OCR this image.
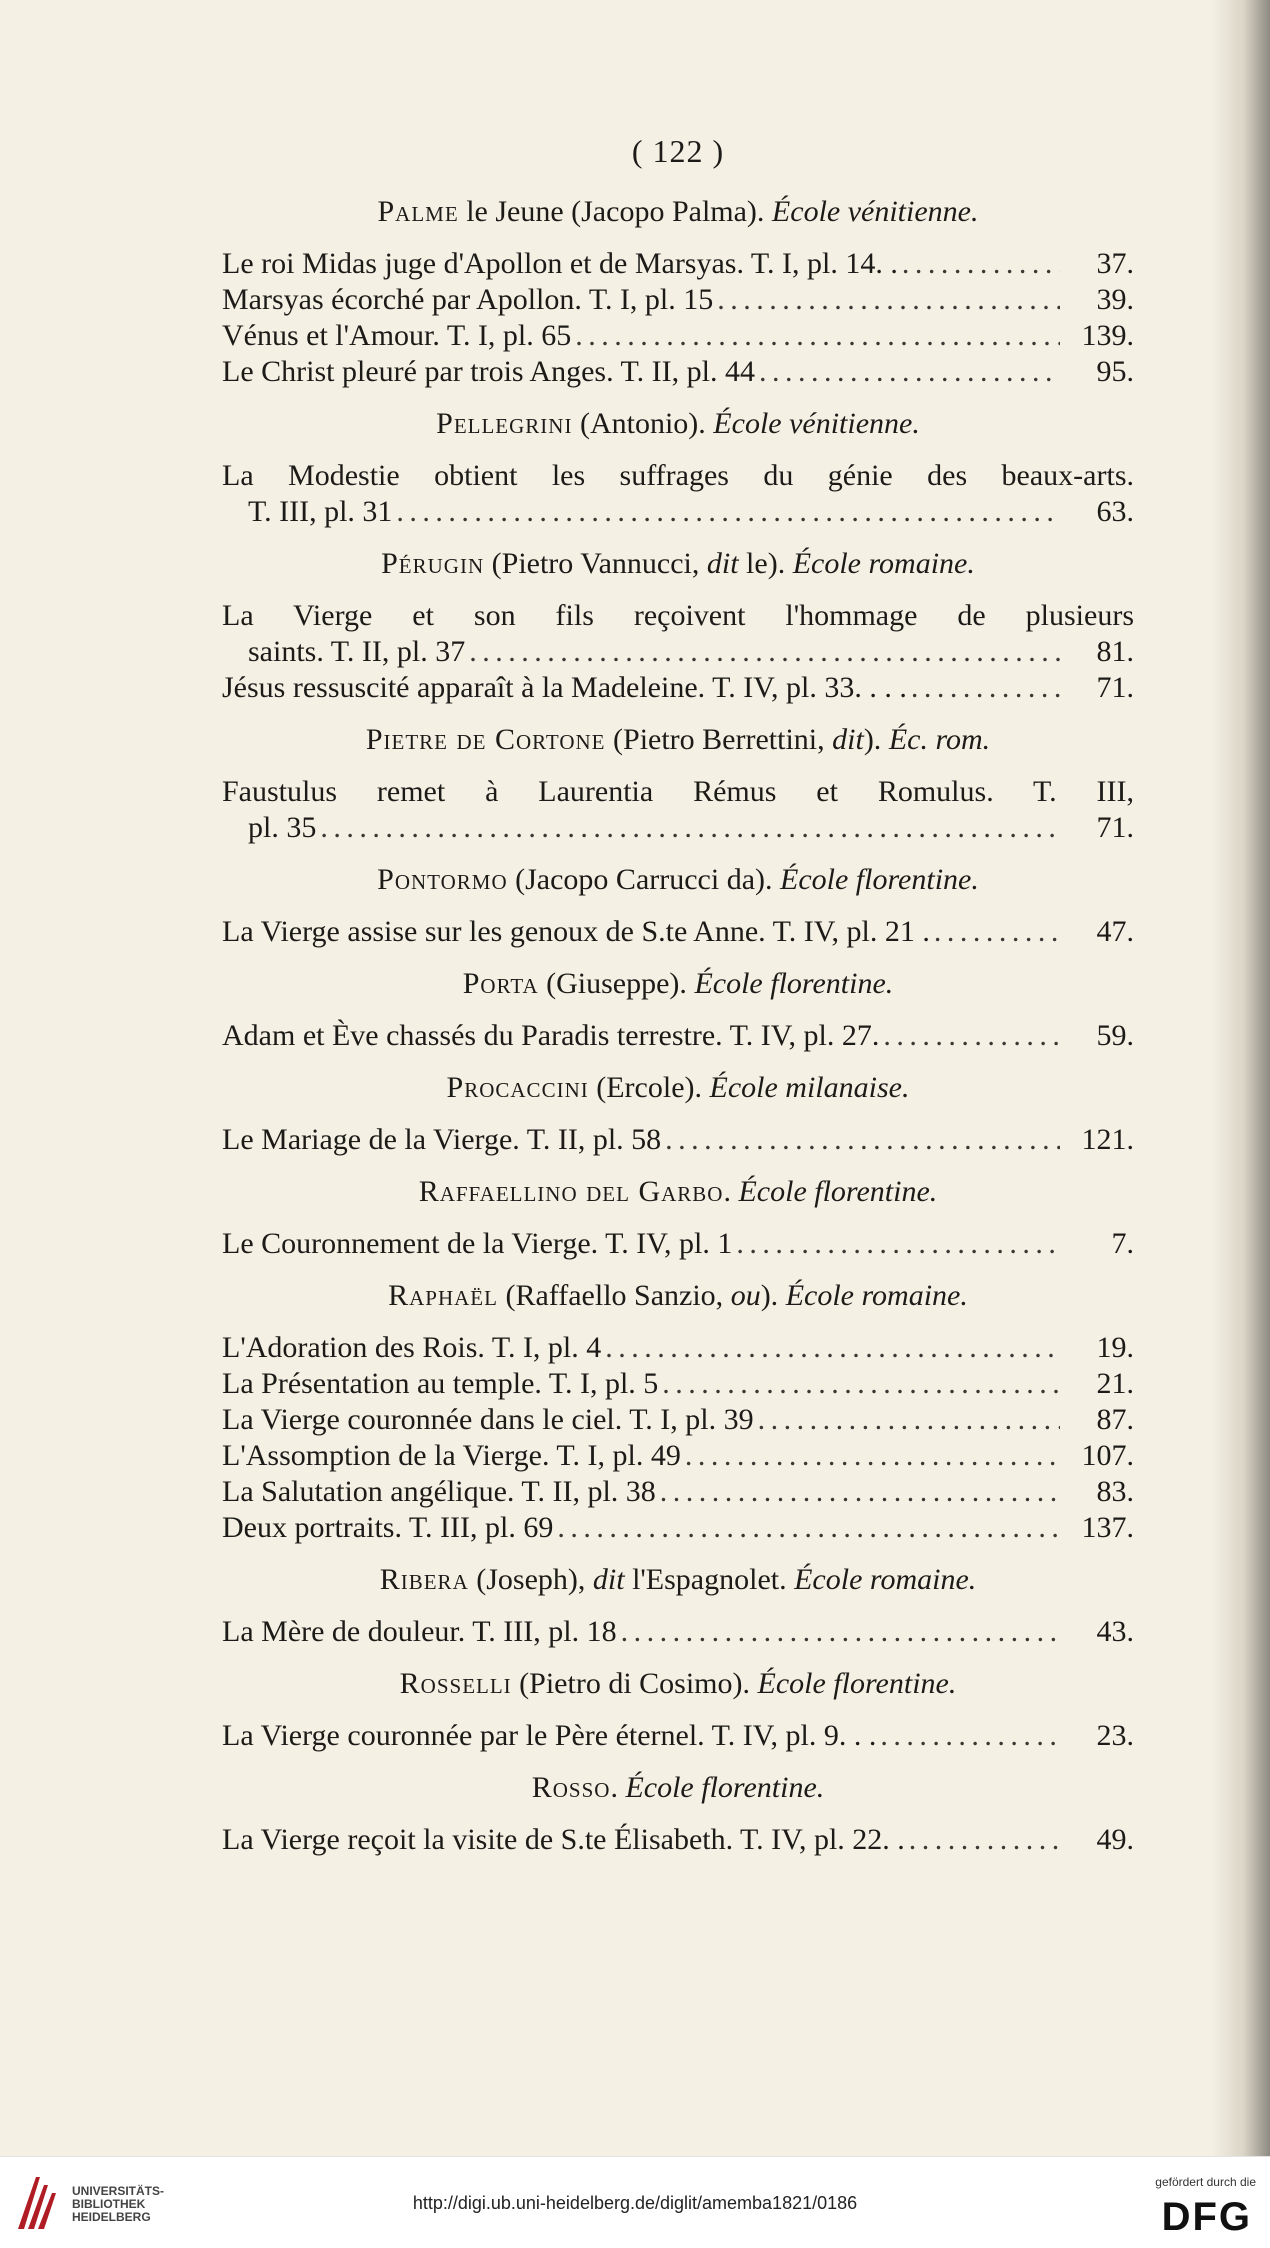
( 122 )
Palme le Jeune (Jacopo Palma). École vénitienne.
Le roi Midas juge d'Apollon et de Marsyas. T. I, pl. 14. . . . .	37.
Marsyas écorché par Apollon. T. I, pl. 15 . . .	39.
Vénus et l'Amour. T. I, pl. 65 . . .	139.
Le Christ pleuré par trois Anges. T. II, pl. 44 . . .	95.
Pellegrini (Antonio). École vénitienne.
La Modestie obtient les suffrages du génie des beaux-arts.
T. III, pl. 31 . . .	63.
Pérugin (Pietro Vannucci, dit le). École romaine.
La Vierge et son fils reçoivent l'hommage de plusieurs
saints. T. II, pl. 37 . . .	81.
Jésus ressuscité apparaît à la Madeleine. T. IV, pl. 33. . . . . . .	71.
Pietre de Cortone (Pietro Berrettini, dit). Éc. rom.
Faustulus remet à Laurentia Rémus et Romulus. T. III,
pl. 35 . . .	71.
Pontormo (Jacopo Carrucci da). École florentine.
La Vierge assise sur les genoux de S.te Anne. T. IV, pl. 21 . . . .	47.
Porta (Giuseppe). École florentine.
Adam et Ève chassés du Paradis terrestre. T. IV, pl. 27. . . .	59.
Procaccini (Ercole). École milanaise.
Le Mariage de la Vierge. T. II, pl. 58 . . .	121.
Raffaellino del Garbo. École florentine.
Le Couronnement de la Vierge. T. IV, pl. 1 . . .	7.
Raphaël (Raffaello Sanzio, ou). École romaine.
L'Adoration des Rois. T. I, pl. 4 . . .	19.
La Présentation au temple. T. I, pl. 5 . . .	21.
La Vierge couronnée dans le ciel. T. I, pl. 39 . . .	87.
L'Assomption de la Vierge. T. I, pl. 49 . . .	107.
La Salutation angélique. T. II, pl. 38 . . .	83.
Deux portraits. T. III, pl. 69 . . .	137.
Ribera (Joseph), dit l'Espagnolet. École romaine.
La Mère de douleur. T. III, pl. 18 . . .	43.
Rosselli (Pietro di Cosimo). École florentine.
La Vierge couronnée par le Père éternel. T. IV, pl. 9. . . . . .	23.
Rosso. École florentine.
La Vierge reçoit la visite de S.te Élisabeth. T. IV, pl. 22. . . . .	49.
UNIVERSITÄTS-
BIBLIOTHEK
HEIDELBERG
http://digi.ub.uni-heidelberg.de/diglit/amemba1821/0186
gefördert durch die
DFG
